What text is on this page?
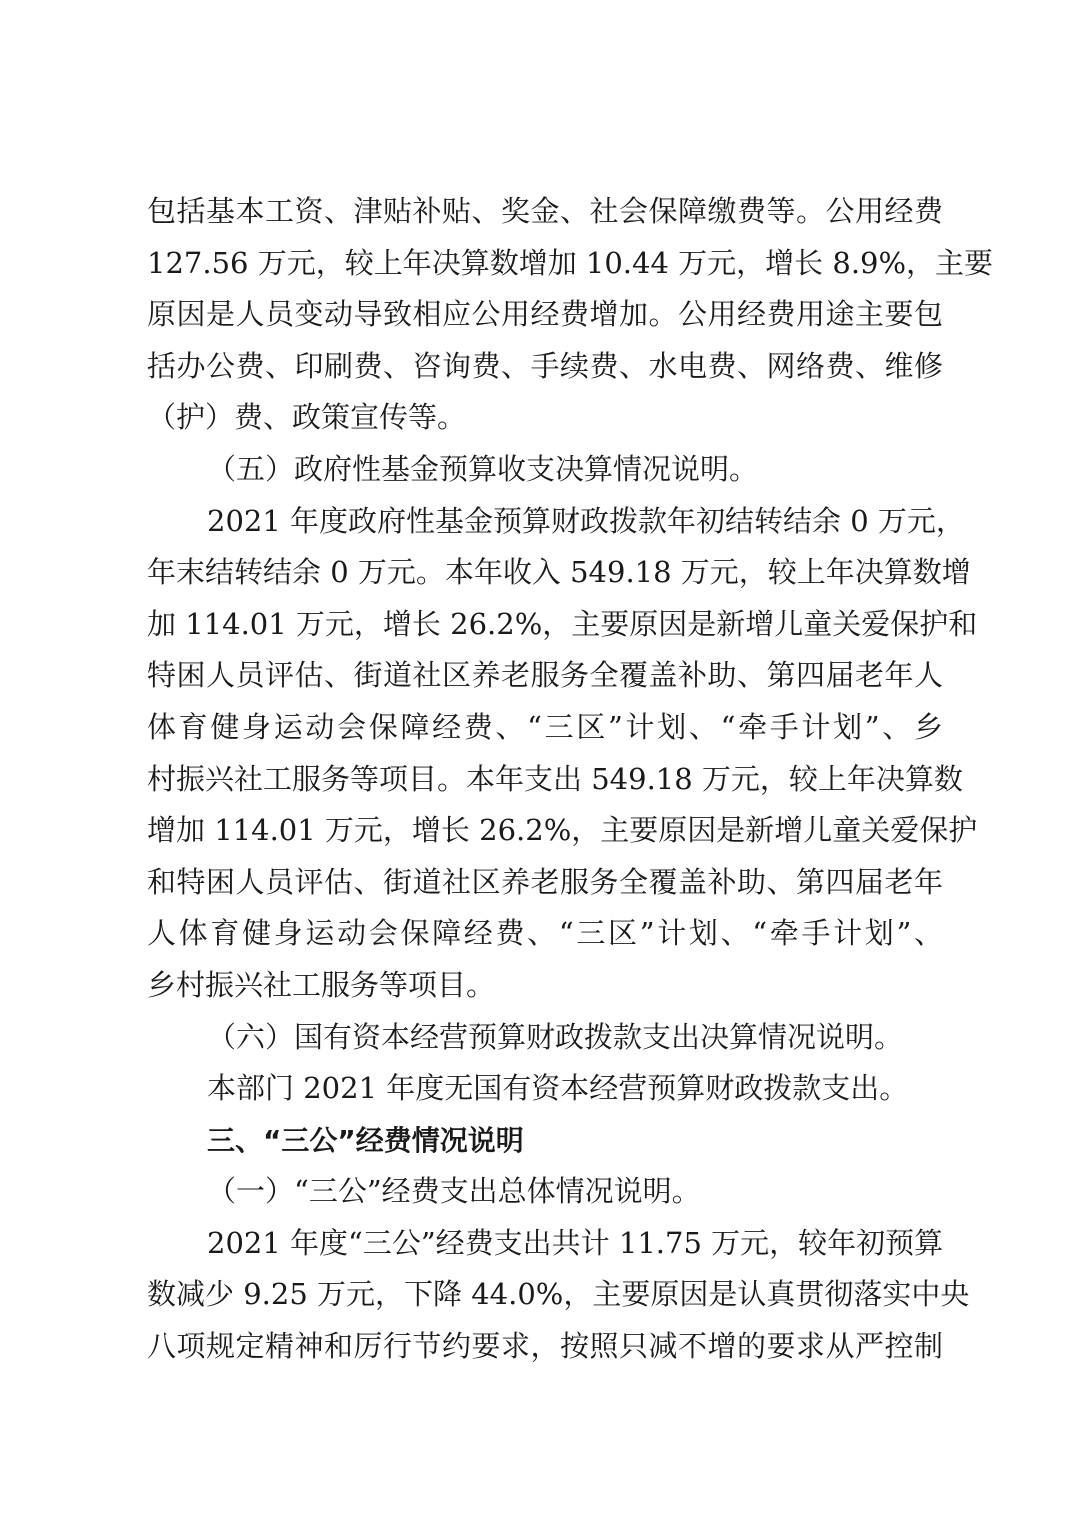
包括基本工资、津贴补贴、奖金、社会保障缴费等。公用经费
127.56 万元，较上年决算数增加 10.44 万元，增长 8.9%，主要
原因是人员变动导致相应公用经费增加。公用经费用途主要包
括办公费、印刷费、咨询费、手续费、水电费、网络费、维修
（护）费、政策宣传等。
（五）政府性基金预算收支决算情况说明。
2021 年度政府性基金预算财政拨款年初结转结余 0 万元，
年末结转结余 0 万元。本年收入 549.18 万元，较上年决算数增
加 114.01 万元，增长 26.2%，主要原因是新增儿童关爱保护和
特困人员评估、街道社区养老服务全覆盖补助、第四届老年人
体育健身运动会保障经费、“三区”计划、“牵手计划”、乡
村振兴社工服务等项目。本年支出 549.18 万元，较上年决算数
增加 114.01 万元，增长 26.2%，主要原因是新增儿童关爱保护
和特困人员评估、街道社区养老服务全覆盖补助、第四届老年
人体育健身运动会保障经费、“三区”计划、“牵手计划”、
乡村振兴社工服务等项目。
（六）国有资本经营预算财政拨款支出决算情况说明。
本部门 2021 年度无国有资本经营预算财政拨款支出。
三、“三公”经费情况说明
（一）“三公”经费支出总体情况说明。
2021 年度“三公”经费支出共计 11.75 万元，较年初预算
数减少 9.25 万元，下降 44.0%，主要原因是认真贯彻落实中央
八项规定精神和厉行节约要求，按照只减不增的要求从严控制
